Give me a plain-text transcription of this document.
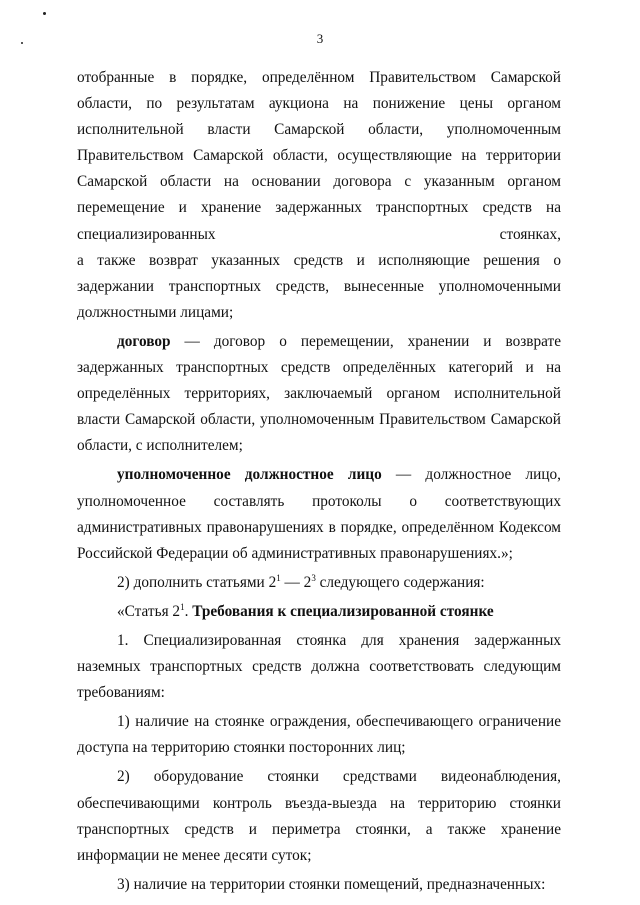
3

отобранные в порядке, определённом Правительством Самарской области, по результатам аукциона на понижение цены органом исполнительной власти Самарской области, уполномоченным Правительством Самарской области, осуществляющие на территории Самарской области на основании договора с указанным органом перемещение и хранение задержанных транспортных средств на специализированных стоянках,

а также возврат указанных средств и исполняющие решения о задержании транспортных средств, вынесенные уполномоченными должностными лицами;

договор — договор о перемещении, хранении и возврате задержанных транспортных средств определённых категорий и на определённых территориях, заключаемый органом исполнительной власти Самарской области, уполномоченным Правительством Самарской области, с исполнителем;

уполномоченное должностное лицо — должностное лицо, уполномоченное составлять протоколы о соответствующих административных правонарушениях в порядке, определённом Кодексом Российской Федерации об административных правонарушениях.»;

2) дополнить статьями $2^1$ — $2^3$ следующего содержания:

«Статья $2^1$. Требования к специализированной стоянке

1. Специализированная стоянка для хранения задержанных наземных транспортных средств должна соответствовать следующим требованиям:

1) наличие на стоянке ограждения, обеспечивающего ограничение доступа на территорию стоянки посторонних лиц;

2) оборудование стоянки средствами видеонаблюдения, обеспечивающими контроль въезда-выезда на территорию стоянки транспортных средств и периметра стоянки, а также хранение информации не менее десяти суток;

3) наличие на территории стоянки помещений, предназначенных:
